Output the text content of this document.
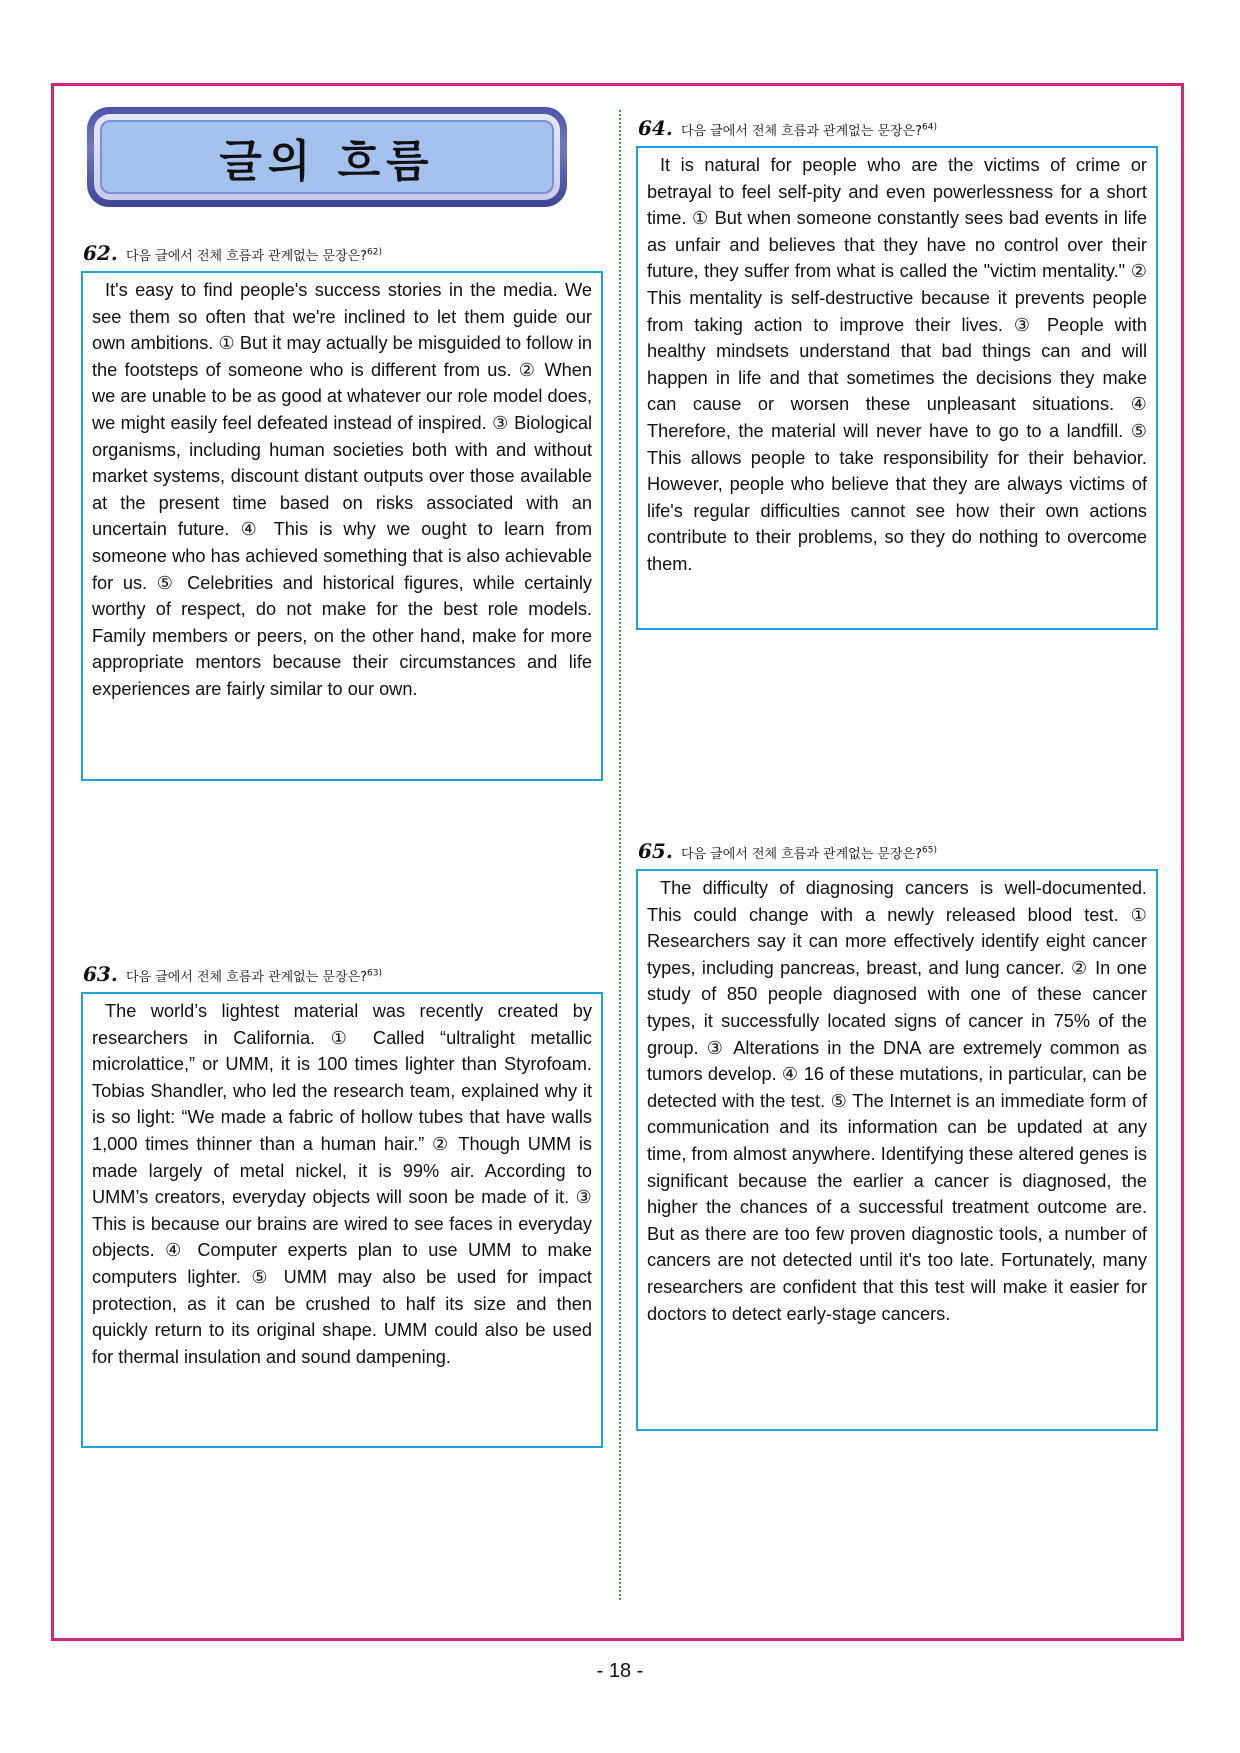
글의 흐름
62. 다음 글에서 전체 흐름과 관계없는 문장은?$^{62)}$
It's easy to find people's success stories in the media. We see them so often that we're inclined to let them guide our own ambitions. ① But it may actually be misguided to follow in the footsteps of someone who is different from us. ② When we are unable to be as good at whatever our role model does, we might easily feel defeated instead of inspired. ③ Biological organisms, including human societies both with and without market systems, discount distant outputs over those available at the present time based on risks associated with an uncertain future. ④ This is why we ought to learn from someone who has achieved something that is also achievable for us. ⑤ Celebrities and historical figures, while certainly worthy of respect, do not make for the best role models. Family members or peers, on the other hand, make for more appropriate mentors because their circumstances and life experiences are fairly similar to our own.
63. 다음 글에서 전체 흐름과 관계없는 문장은?$^{63)}$
The world’s lightest material was recently created by researchers in California. ① Called “ultralight metallic microlattice,” or UMM, it is 100 times lighter than Styrofoam. Tobias Shandler, who led the research team, explained why it is so light: “We made a fabric of hollow tubes that have walls 1,000 times thinner than a human hair.” ② Though UMM is made largely of metal nickel, it is 99% air. According to UMM’s creators, everyday objects will soon be made of it. ③ This is because our brains are wired to see faces in everyday objects. ④ Computer experts plan to use UMM to make computers lighter. ⑤ UMM may also be used for impact protection, as it can be crushed to half its size and then quickly return to its original shape. UMM could also be used for thermal insulation and sound dampening.
64. 다음 글에서 전체 흐름과 관계없는 문장은?$^{64)}$
It is natural for people who are the victims of crime or betrayal to feel self-pity and even powerlessness for a short time. ① But when someone constantly sees bad events in life as unfair and believes that they have no control over their future, they suffer from what is called the "victim mentality." ② This mentality is self-destructive because it prevents people from taking action to improve their lives. ③ People with healthy mindsets understand that bad things can and will happen in life and that sometimes the decisions they make can cause or worsen these unpleasant situations. ④ Therefore, the material will never have to go to a landfill. ⑤ This allows people to take responsibility for their behavior. However, people who believe that they are always victims of life's regular difficulties cannot see how their own actions contribute to their problems, so they do nothing to overcome them.
65. 다음 글에서 전체 흐름과 관계없는 문장은?$^{65)}$
The difficulty of diagnosing cancers is well-documented. This could change with a newly released blood test. ① Researchers say it can more effectively identify eight cancer types, including pancreas, breast, and lung cancer. ② In one study of 850 people diagnosed with one of these cancer types, it successfully located signs of cancer in 75% of the group. ③ Alterations in the DNA are extremely common as tumors develop. ④ 16 of these mutations, in particular, can be detected with the test. ⑤ The Internet is an immediate form of communication and its information can be updated at any time, from almost anywhere. Identifying these altered genes is significant because the earlier a cancer is diagnosed, the higher the chances of a successful treatment outcome are. But as there are too few proven diagnostic tools, a number of cancers are not detected until it's too late. Fortunately, many researchers are confident that this test will make it easier for doctors to detect early-stage cancers.
- 18 -
